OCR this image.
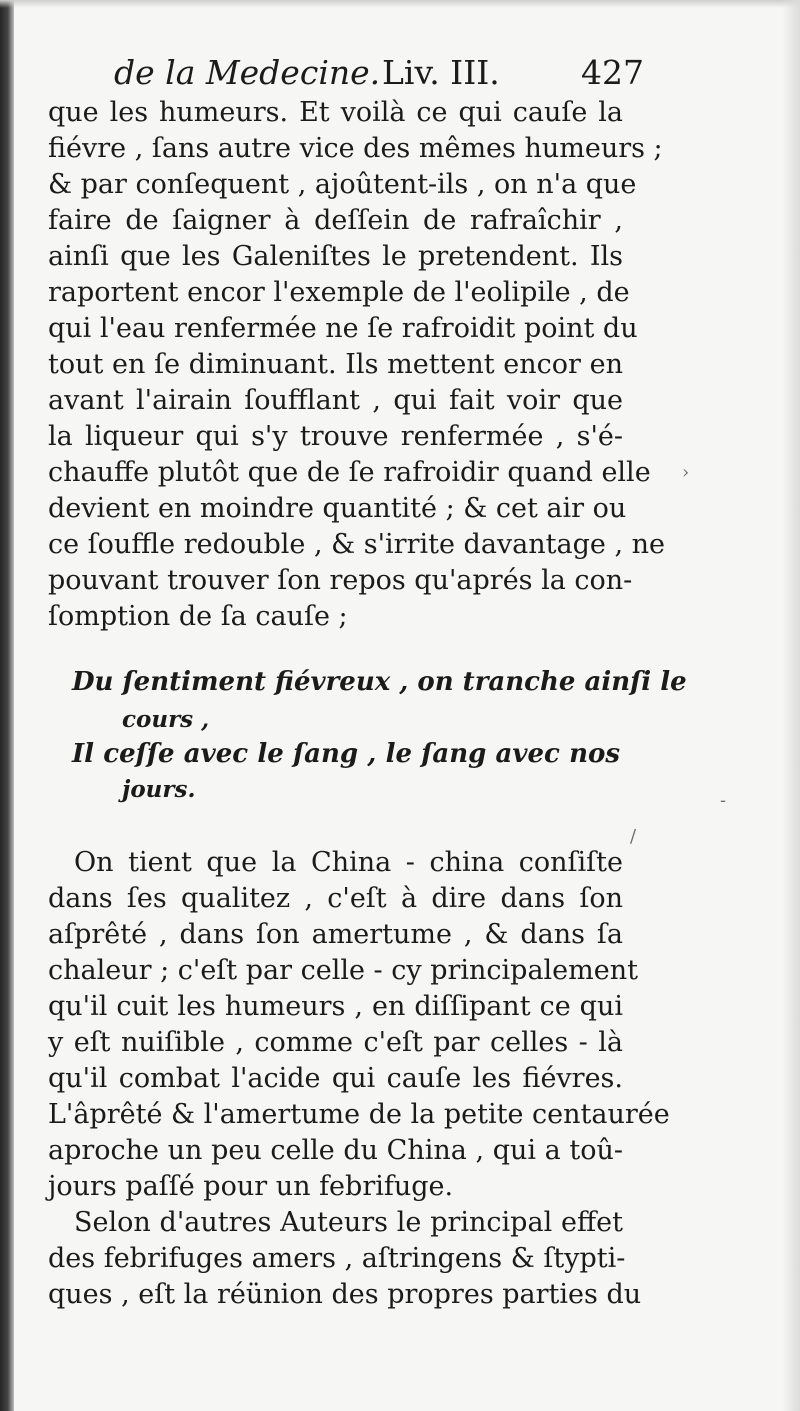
de la Medecine. Liv. III. 427
que les humeurs. Et voilà ce qui cauſe la
fiévre , ſans autre vice des mêmes humeurs ;
& par conſequent , ajoûtent-ils , on n'a que
faire de ſaigner à deſſein de rafraîchir ,
ainſi que les Galeniſtes le pretendent. Ils
raportent encor l'exemple de l'eolipile , de
qui l'eau renfermée ne ſe rafroidit point du
tout en ſe diminuant. Ils mettent encor en
avant l'airain ſoufflant , qui fait voir que
la liqueur qui s'y trouve renfermée , s'é-
chauffe plutôt que de ſe rafroidir quand elle
devient en moindre quantité ; & cet air ou
ce ſouffle redouble , & s'irrite davantage , ne
pouvant trouver ſon repos qu'aprés la con-
ſomption de ſa cauſe ;
Du ſentiment fiévreux , on tranche ainſi le
cours ,
Il ceſſe avec le ſang , le ſang avec nos
jours.
On tient que la China - china conſiſte
dans ſes qualitez , c'eſt à dire dans ſon
aſprêté , dans ſon amertume , & dans ſa
chaleur ; c'eſt par celle - cy principalement
qu'il cuit les humeurs , en diſſipant ce qui
y eſt nuiſible , comme c'eſt par celles - là
qu'il combat l'acide qui cauſe les fiévres.
L'âprêté & l'amertume de la petite centaurée
aproche un peu celle du China , qui a toû-
jours paſſé pour un febrifuge.
Selon d'autres Auteurs le principal effet
des febrifuges amers , aſtringens & ſtypti-
ques , eſt la réünion des propres parties du
›
-
/
